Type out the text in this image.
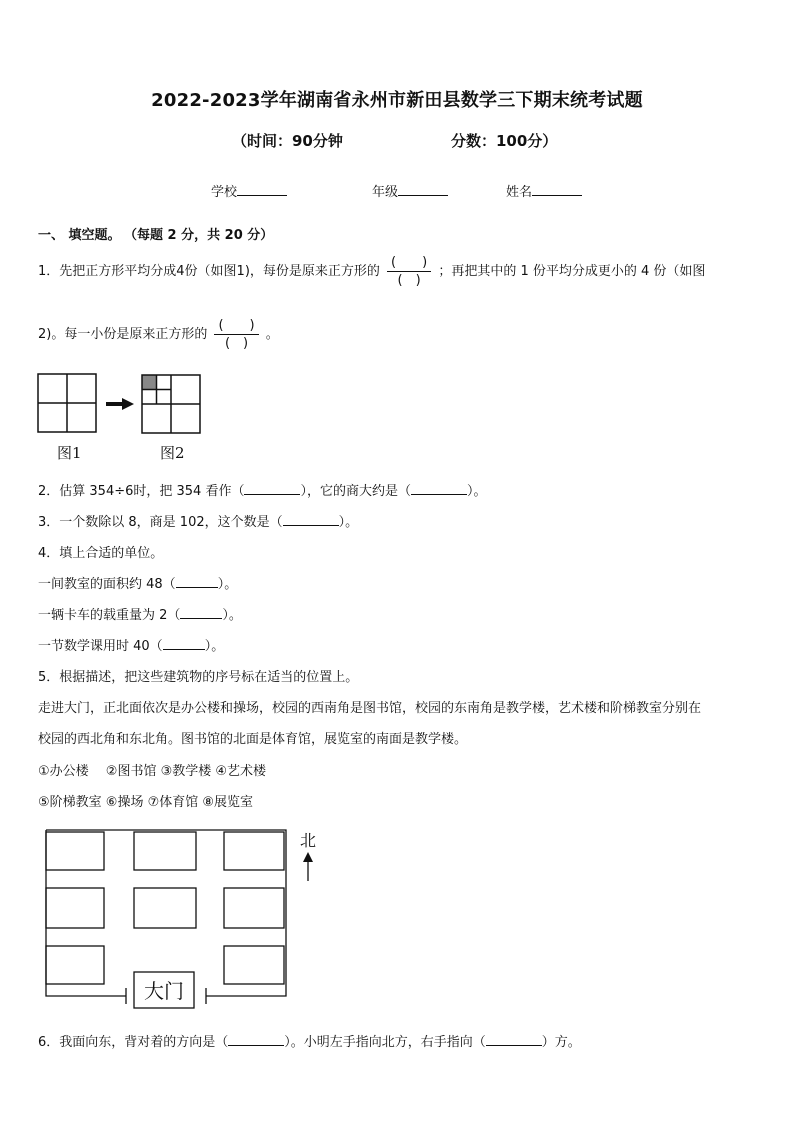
2022-2023学年湖南省永州市新田县数学三下期末统考试题
（时间：90分钟	分数：100分）
学校	年级	姓名
一、 填空题。 （每题 2 分，共 20 分）
1．先把正方形平均分成4份（如图1)，每份是原来正方形的 $\frac{( )}{( )}$ ；再把其中的 1 份平均分成更小的 4 份（如图
2)。每一小份是原来正方形的 $\frac{( )}{( )}$ 。
图1	图2
2．估算 354÷6时，把 354 看作（	），它的商大约是（	）。
3．一个数除以 8，商是 102，这个数是（	）。
4．填上合适的单位。
一间教室的面积约 48（	）。
一辆卡车的载重量为 2（	）。
一节数学课用时 40（	）。
5．根据描述，把这些建筑物的序号标在适当的位置上。
走进大门，正北面依次是办公楼和操场，校园的西南角是图书馆，校园的东南角是教学楼，艺术楼和阶梯教室分别在
校园的西北角和东北角。图书馆的北面是体育馆，展览室的南面是教学楼。
①办公楼　 ②图书馆 ③教学楼 ④艺术楼
⑤阶梯教室 ⑥操场 ⑦体育馆 ⑧展览室
大门
北
6．我面向东，背对着的方向是（	）。小明左手指向北方，右手指向（	）方。
